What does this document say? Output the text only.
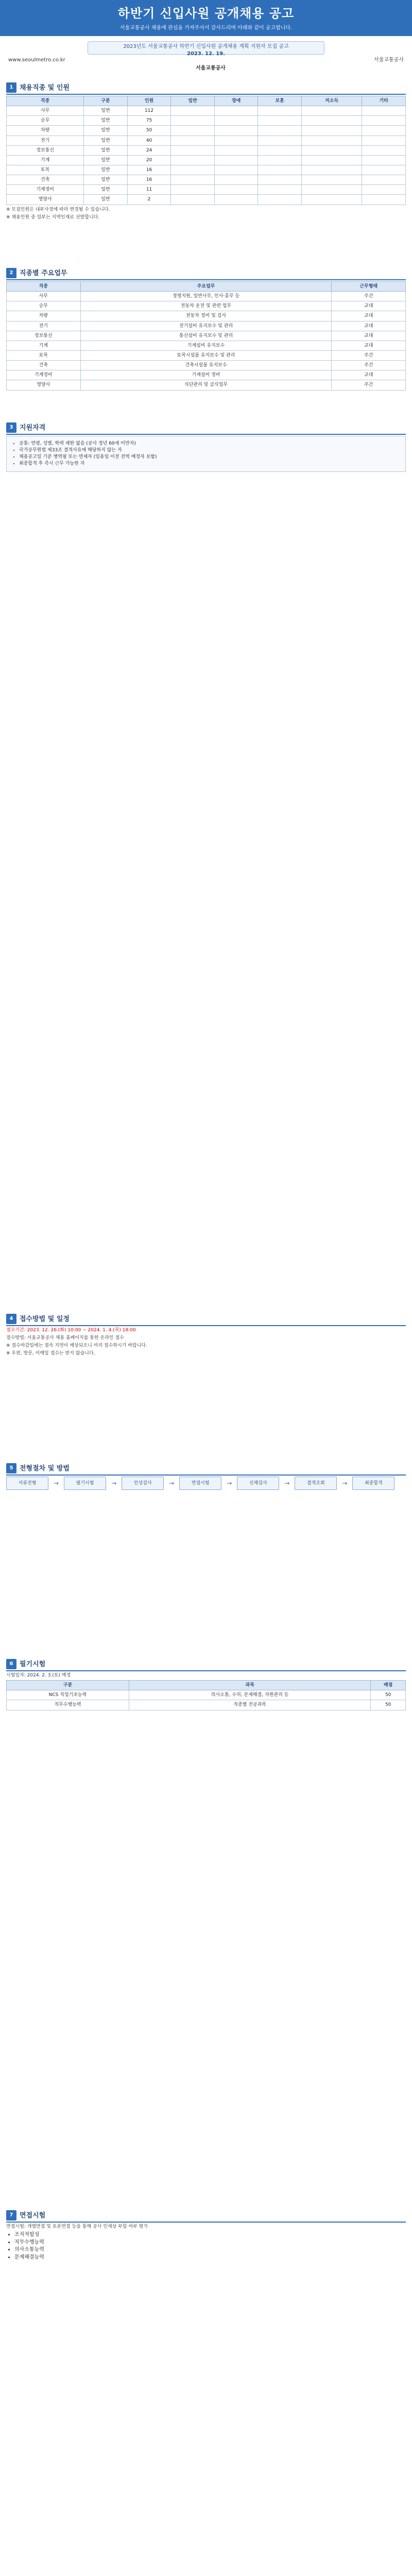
하반기 신입사원 공개채용 공고

서울교통공사 채용에 관심을 가져주셔서 감사드리며 아래와 같이 공고합니다.

2023년도 서울교통공사 하반기 신입사원 공개채용 계획 지원자 모집 공고
2023. 12. 19.
www.seoulmetro.co.kr	서울교통공사
서울교통공사
1 채용직종 및 인원
직종	구분	인원	일반	장애	보훈	저소득	기타
사무	일반	112					
승무	일반	75					
차량	일반	50					
전기	일반	40					
정보통신	일반	24					
기계	일반	20					
토목	일반	16					
건축	일반	16					
기계정비	일반	11					
영양사	일반	2					
※ 모집인원은 내부사정에 따라 변경될 수 있습니다.
※ 채용인원 중 일부는 지역인재로 선발합니다.
2 직종별 주요업무
직종	주요업무	근무형태
사무	경영지원, 일반사무, 인사·총무 등	주간
승무	전동차 운전 및 관련 업무	교대
차량	전동차 정비 및 검사	교대
전기	전기설비 유지보수 및 관리	교대
정보통신	통신설비 유지보수 및 관리	교대
기계	기계설비 유지보수	교대
토목	토목시설물 유지보수 및 관리	주간
건축	건축시설물 유지보수	주간
기계정비	기계설비 정비	교대
영양사	식단관리 및 급식업무	주간
3 지원자격
• 공통: 연령, 성별, 학력 제한 없음 (공사 정년 60세 미만자)
• 국가공무원법 제33조 결격사유에 해당하지 않는 자
• 채용공고일 기준 병역필 또는 면제자 (임용일 이전 전역 예정자 포함)
• 최종합격 후 즉시 근무 가능한 자
4 접수방법 및 일정
접수기간: 2023. 12. 26.(화) 10:00 ~ 2024. 1. 4.(목) 18:00
접수방법: 서울교통공사 채용 홈페이지를 통한 온라인 접수
※ 접수마감일에는 접속 지연이 예상되오니 미리 접수하시기 바랍니다.
※ 우편, 방문, 이메일 접수는 받지 않습니다.
5 전형절차 및 방법
서류전형	→	필기시험	→	인성검사	→	면접시험	→	신체검사	→	결격조회	→	최종합격
6 필기시험
시험일자: 2024. 2. 3.(토) 예정
구분	과목	배점
NCS 직업기초능력	의사소통, 수리, 문제해결, 자원관리 등	50
직무수행능력	직종별 전공과목	50
7 면접시험
면접시험: 개별면접 및 토론면접 등을 통해 공사 인재상 부합 여부 평가
• 조직적합성
• 직무수행능력
• 의사소통능력
• 문제해결능력
